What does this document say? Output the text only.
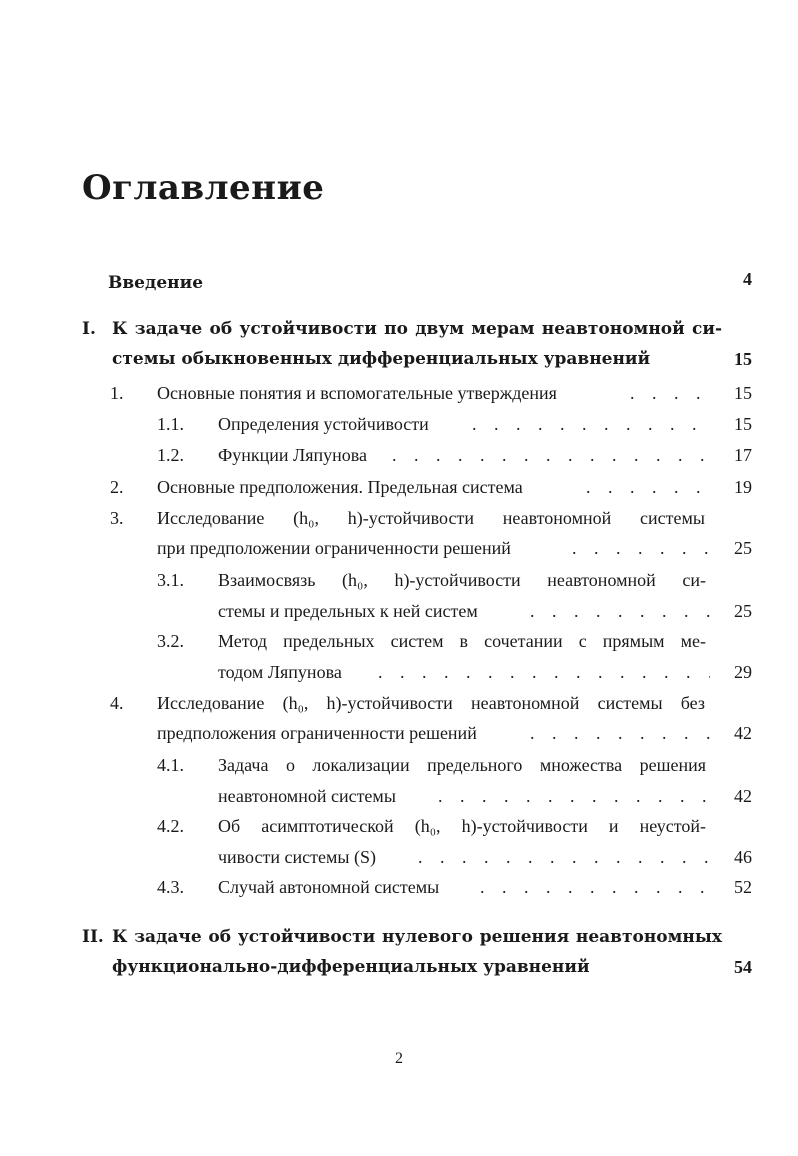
Оглавление
Введение	4
I. К задаче об устойчивости по двум мерам неавтономной си-
стемы обыкновенных дифференциальных уравнений	15
1. Основные понятия и вспомогательные утверждения . . .	15
1.1. Определения устойчивости . . .	15
1.2. Функции Ляпунова . . .	17
2. Основные предположения. Предельная система . . .	19
3. Исследование (h₀, h)-устойчивости неавтономной системы
при предположении ограниченности решений . . .	25
3.1. Взаимосвязь (h₀, h)-устойчивости неавтономной си-
стемы и предельных к ней систем . . .	25
3.2. Метод предельных систем в сочетании с прямым ме-
тодом Ляпунова . . .	29
4. Исследование (h₀, h)-устойчивости неавтономной системы без
предположения ограниченности решений . . .	42
4.1. Задача о локализации предельного множества решения
неавтономной системы . . .	42
4.2. Об асимптотической (h₀, h)-устойчивости и неустой-
чивости системы (S) . . .	46
4.3. Случай автономной системы . . .	52
II. К задаче об устойчивости нулевого решения неавтономных
функционально-дифференциальных уравнений	54
2
